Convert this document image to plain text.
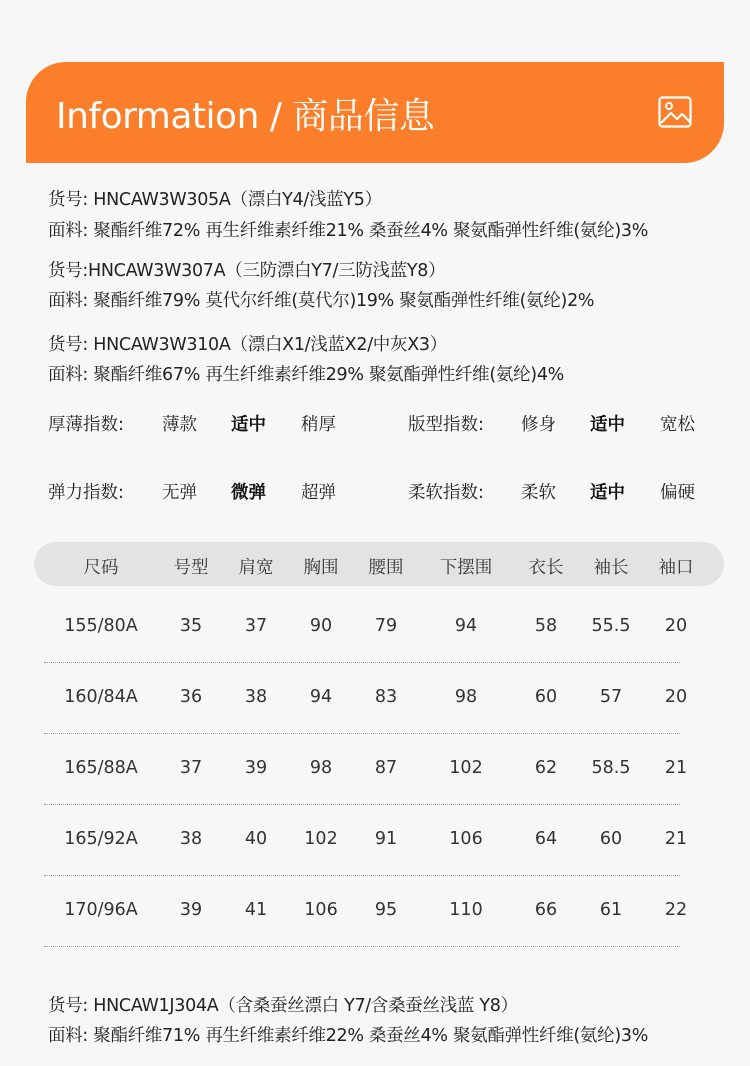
Information / 商品信息
货号: HNCAW3W305A（漂白Y4/浅蓝Y5）
面料: 聚酯纤维72% 再生纤维素纤维21% 桑蚕丝4% 聚氨酯弹性纤维(氨纶)3%
货号:HNCAW3W307A（三防漂白Y7/三防浅蓝Y8）
面料: 聚酯纤维79% 莫代尔纤维(莫代尔)19% 聚氨酯弹性纤维(氨纶)2%
货号: HNCAW3W310A（漂白X1/浅蓝X2/中灰X3）
面料: 聚酯纤维67% 再生纤维素纤维29% 聚氨酯弹性纤维(氨纶)4%
厚薄指数: 薄款 适中 稍厚	版型指数: 修身 适中 宽松
弹力指数: 无弹 微弹 超弹	柔软指数: 柔软 适中 偏硬
尺码	号型 肩宽 胸围 腰围 下摆围 衣长 袖长 袖口
155/80A 35 37 90 79	94	58 55.5 20
160/84A 36 38 94 83	98	60 57 20
165/88A 37 39 98 87	102	62 58.5 21
165/92A 38 40 102 91	106	64 60 21
170/96A 39 41 106 95	110	66 61 22
货号: HNCAW1J304A（含桑蚕丝漂白 Y7/含桑蚕丝浅蓝 Y8）
面料: 聚酯纤维71% 再生纤维素纤维22% 桑蚕丝4% 聚氨酯弹性纤维(氨纶)3%
